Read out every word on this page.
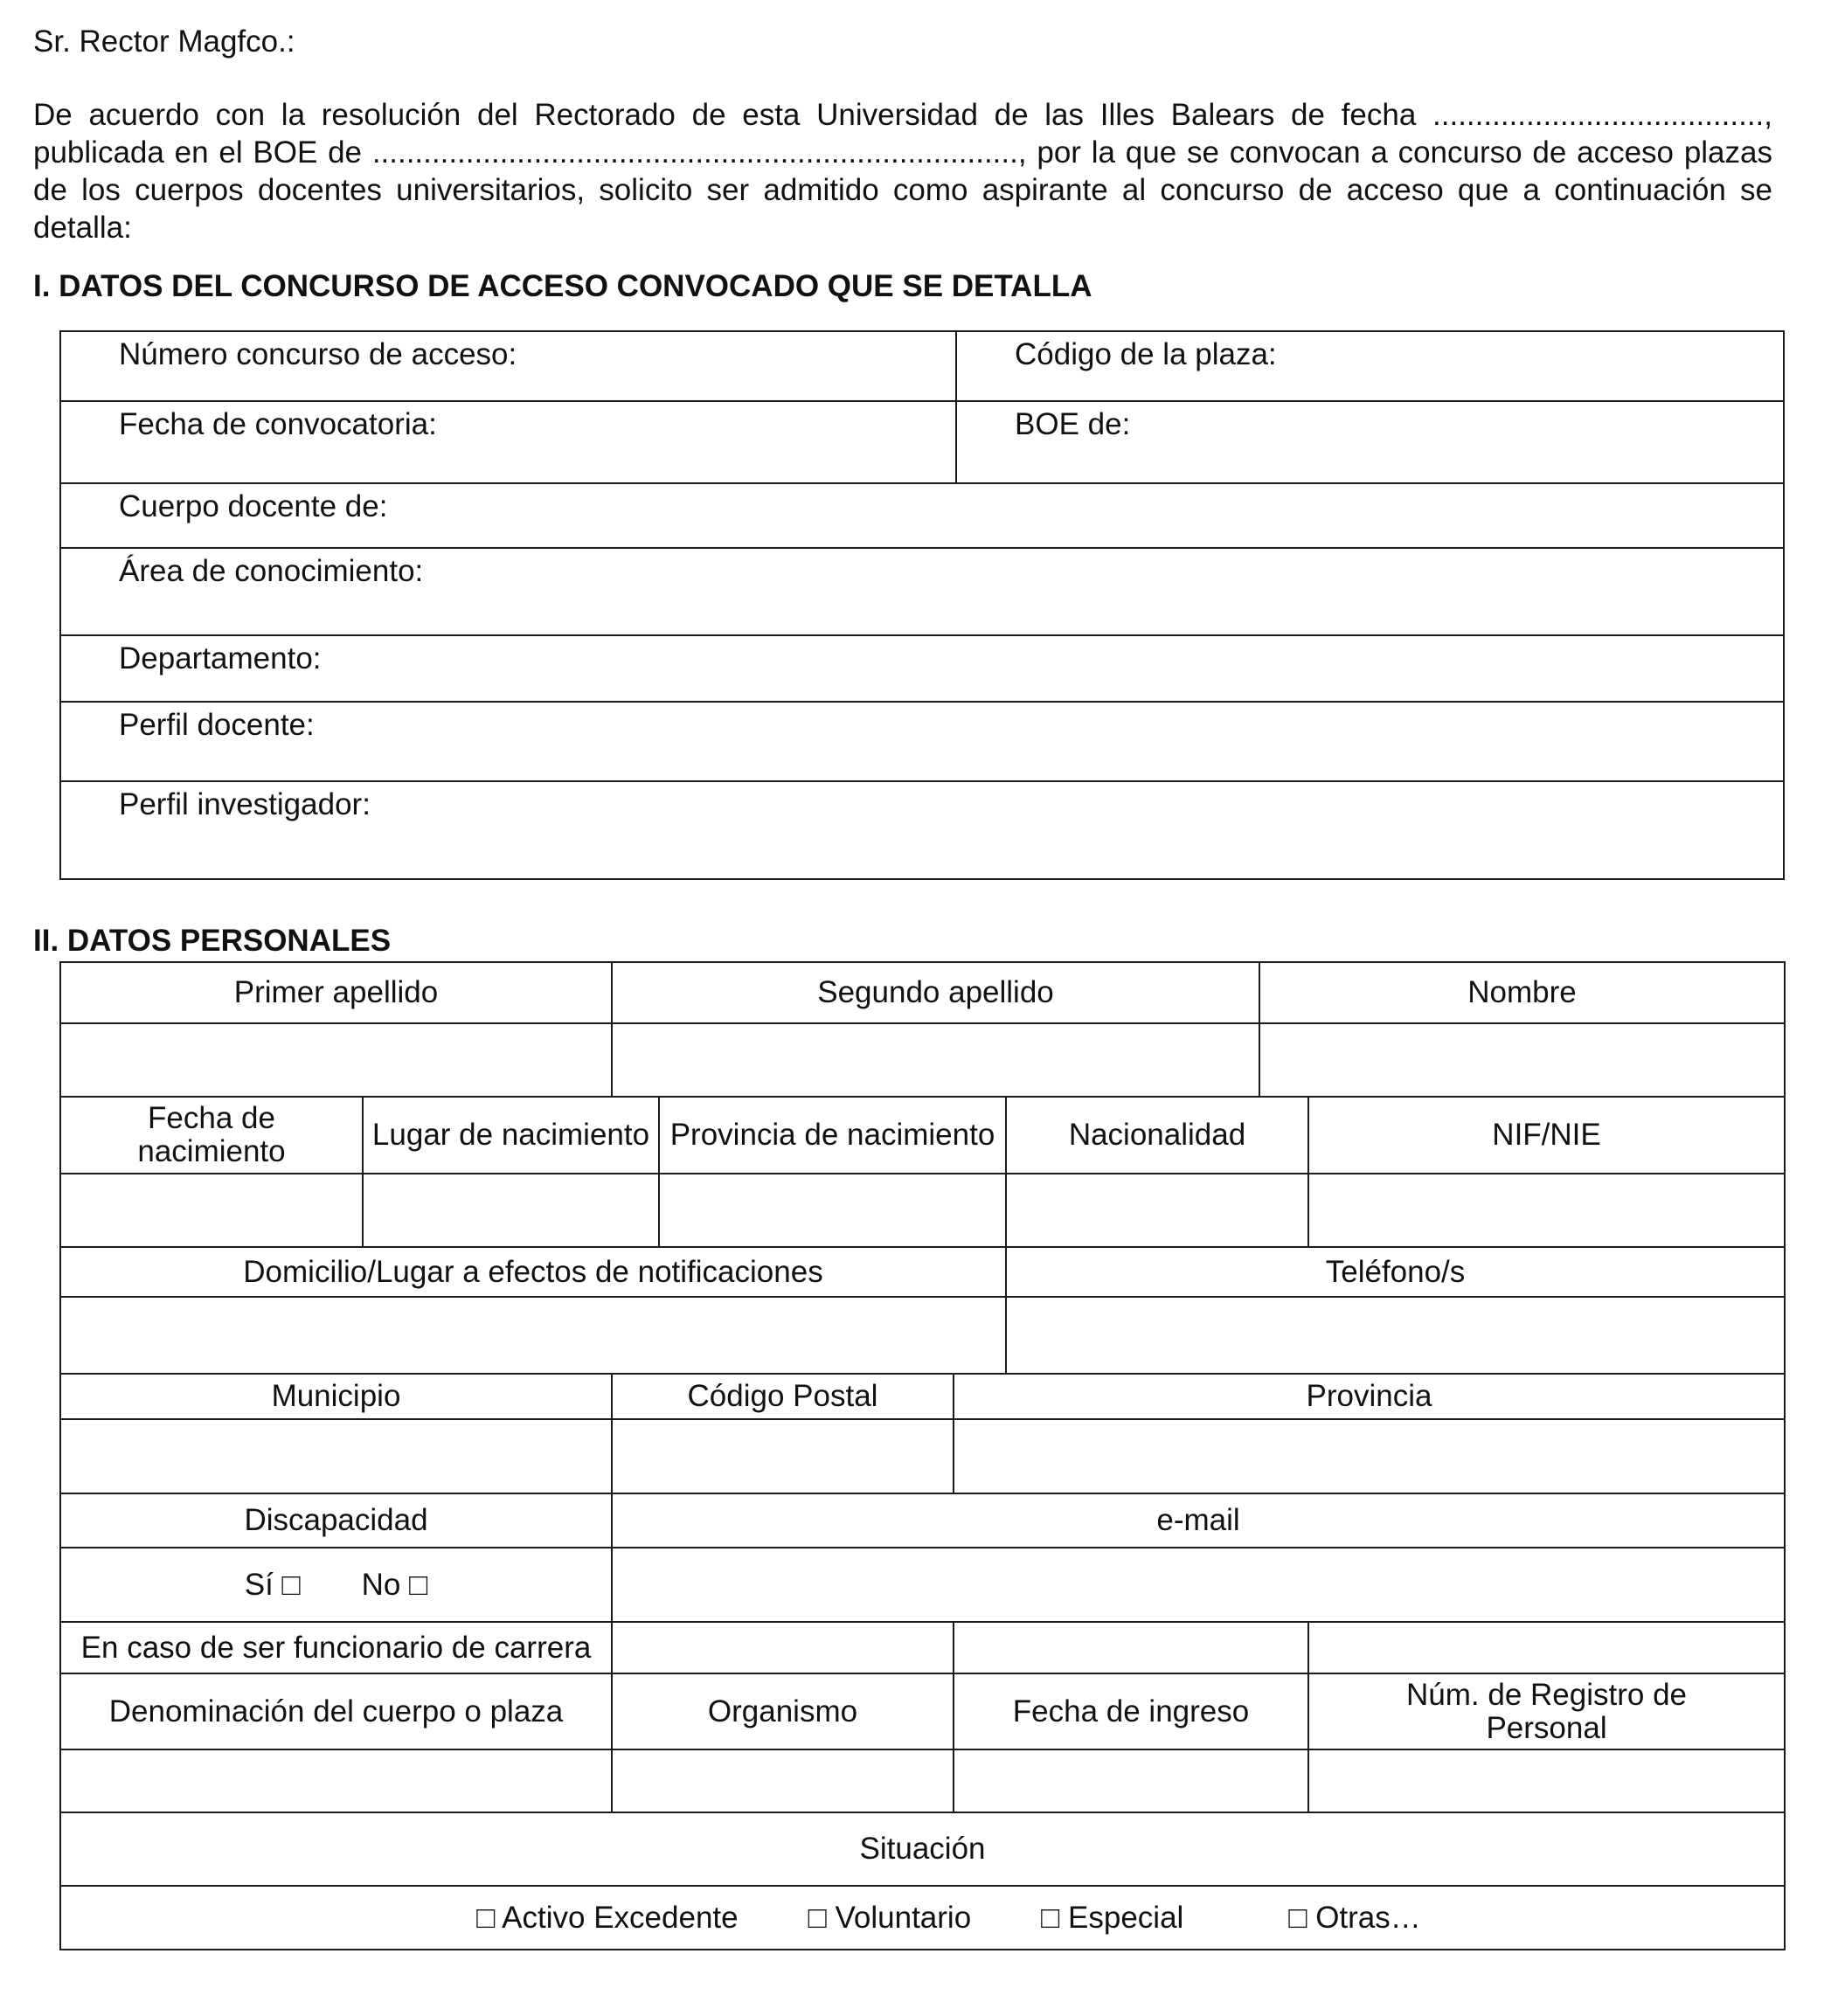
Sr. Rector Magfco.:
De acuerdo con la resolución del Rectorado de esta Universidad de las Illes Balears de fecha ......................................., publicada en el BOE de ............................................................................, por la que se convocan a concurso de acceso plazas de los cuerpos docentes universitarios, solicito ser admitido como aspirante al concurso de acceso que a continuación se detalla:
I. DATOS DEL CONCURSO DE ACCESO CONVOCADO QUE SE DETALLA
Número concurso de acceso:	Código de la plaza:
Fecha de convocatoria:	BOE de:
Cuerpo docente de:	
Área de conocimiento:	
Departamento:	
Perfil docente:	
Perfil investigador:	
II. DATOS PERSONALES
Primer apellido		Segundo apellido				Nombre	

Fecha de nacimiento	Lugar de nacimiento		Provincia de nacimiento		Nacionalidad		NIF/NIE

Domicilio/Lugar a efectos de notificaciones					Teléfono/s		

Municipio		Código Postal		Provincia			

Discapacidad		e-mail					
Sí □ No □							
En caso de ser funcionario de carrera							
Denominación del cuerpo o plaza		Organismo		Fecha de ingreso			Núm. de Registro de Personal

Situación							
□ Activo Excedente □ Voluntario □ Especial □ Otras…							
